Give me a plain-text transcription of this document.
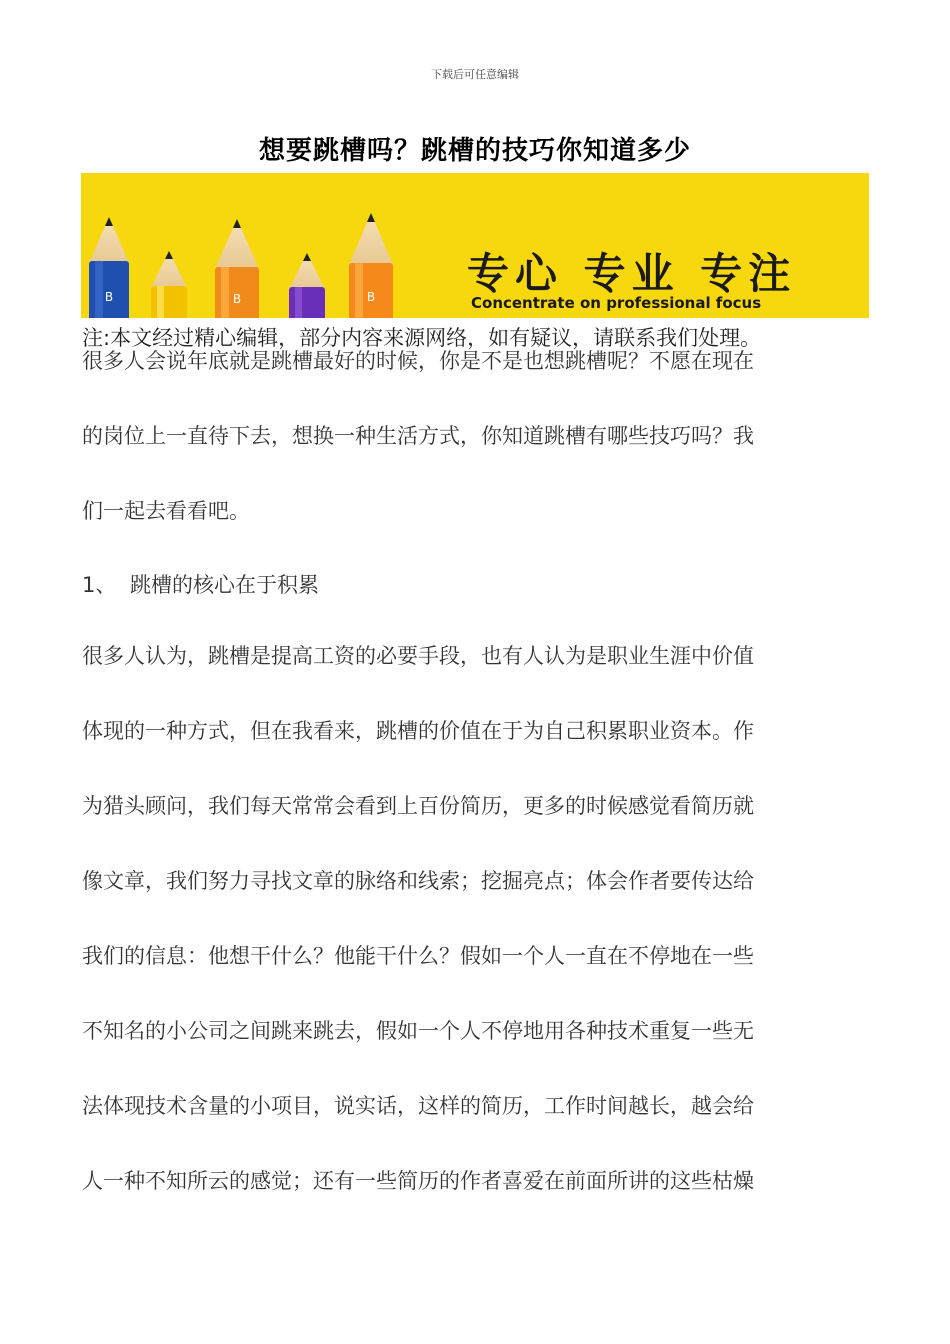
下载后可任意编辑
想要跳槽吗？跳槽的技巧你知道多少
B	B	B 专心 专业 专注
Concentrate on professional focus
注:本文经过精心编辑，部分内容来源网络，如有疑议，请联系我们处理。
很多人会说年底就是跳槽最好的时候，你是不是也想跳槽呢？不愿在现在
的岗位上一直待下去，想换一种生活方式，你知道跳槽有哪些技巧吗？我
们一起去看看吧。
1、 跳槽的核心在于积累
很多人认为，跳槽是提高工资的必要手段，也有人认为是职业生涯中价值
体现的一种方式，但在我看来，跳槽的价值在于为自己积累职业资本。作
为猎头顾问，我们每天常常会看到上百份简历，更多的时候感觉看简历就
像文章，我们努力寻找文章的脉络和线索；挖掘亮点；体会作者要传达给
我们的信息：他想干什么？他能干什么？假如一个人一直在不停地在一些
不知名的小公司之间跳来跳去，假如一个人不停地用各种技术重复一些无
法体现技术含量的小项目，说实话，这样的简历，工作时间越长，越会给
人一种不知所云的感觉；还有一些简历的作者喜爱在前面所讲的这些枯燥
